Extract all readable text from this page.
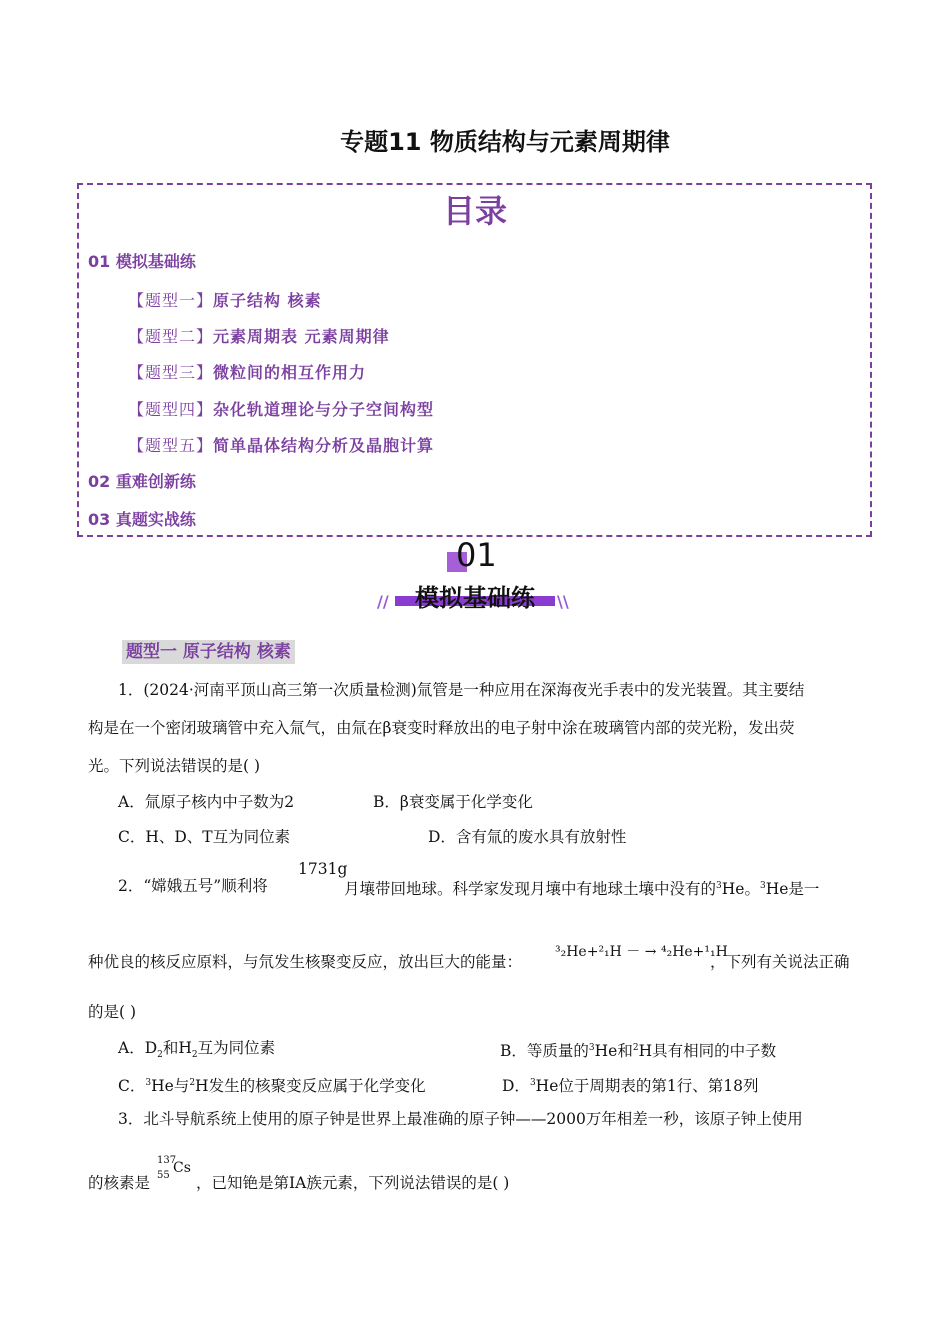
专题11 物质结构与元素周期律
目录
01 模拟基础练
【题型一】原子结构 核素
【题型二】元素周期表 元素周期律
【题型三】微粒间的相互作用力
【题型四】杂化轨道理论与分子空间构型
【题型五】简单晶体结构分析及晶胞计算
02 重难创新练
03 真题实战练
01
模拟基础练
//	\\
题型一 原子结构 核素
1．(2024·河南平顶山高三第一次质量检测)氚管是一种应用在深海夜光手表中的发光装置。其主要结
构是在一个密闭玻璃管中充入氚气，由氚在β衰变时释放出的电子射中涂在玻璃管内部的荧光粉，发出荧
光。下列说法错误的是( )
A．氚原子核内中子数为2	B．β衰变属于化学变化
C．H、D、T互为同位素	D．含有氚的废水具有放射性
2．“嫦娥五号”顺利将
1731g
月壤带回地球。科学家发现月壤中有地球土壤中没有的$^3$He。$^3$He是一
种优良的核反应原料，与氘发生核聚变反应，放出巨大的能量：
³₂He+²₁H － → ⁴₂He+¹₁H
，下列有关说法正确
的是( )
A．$D_2$和$H_2$互为同位素	B．等质量的$^3$He和$^2$H具有相同的中子数
C．$^3$He与$^2$H发生的核聚变反应属于化学变化	D．$^3$He位于周期表的第1行、第18列
3．北斗导航系统上使用的原子钟是世界上最准确的原子钟——2000万年相差一秒，该原子钟上使用
的核素是
137
55 Cs
，已知铯是第ⅠA族元素，下列说法错误的是( )
